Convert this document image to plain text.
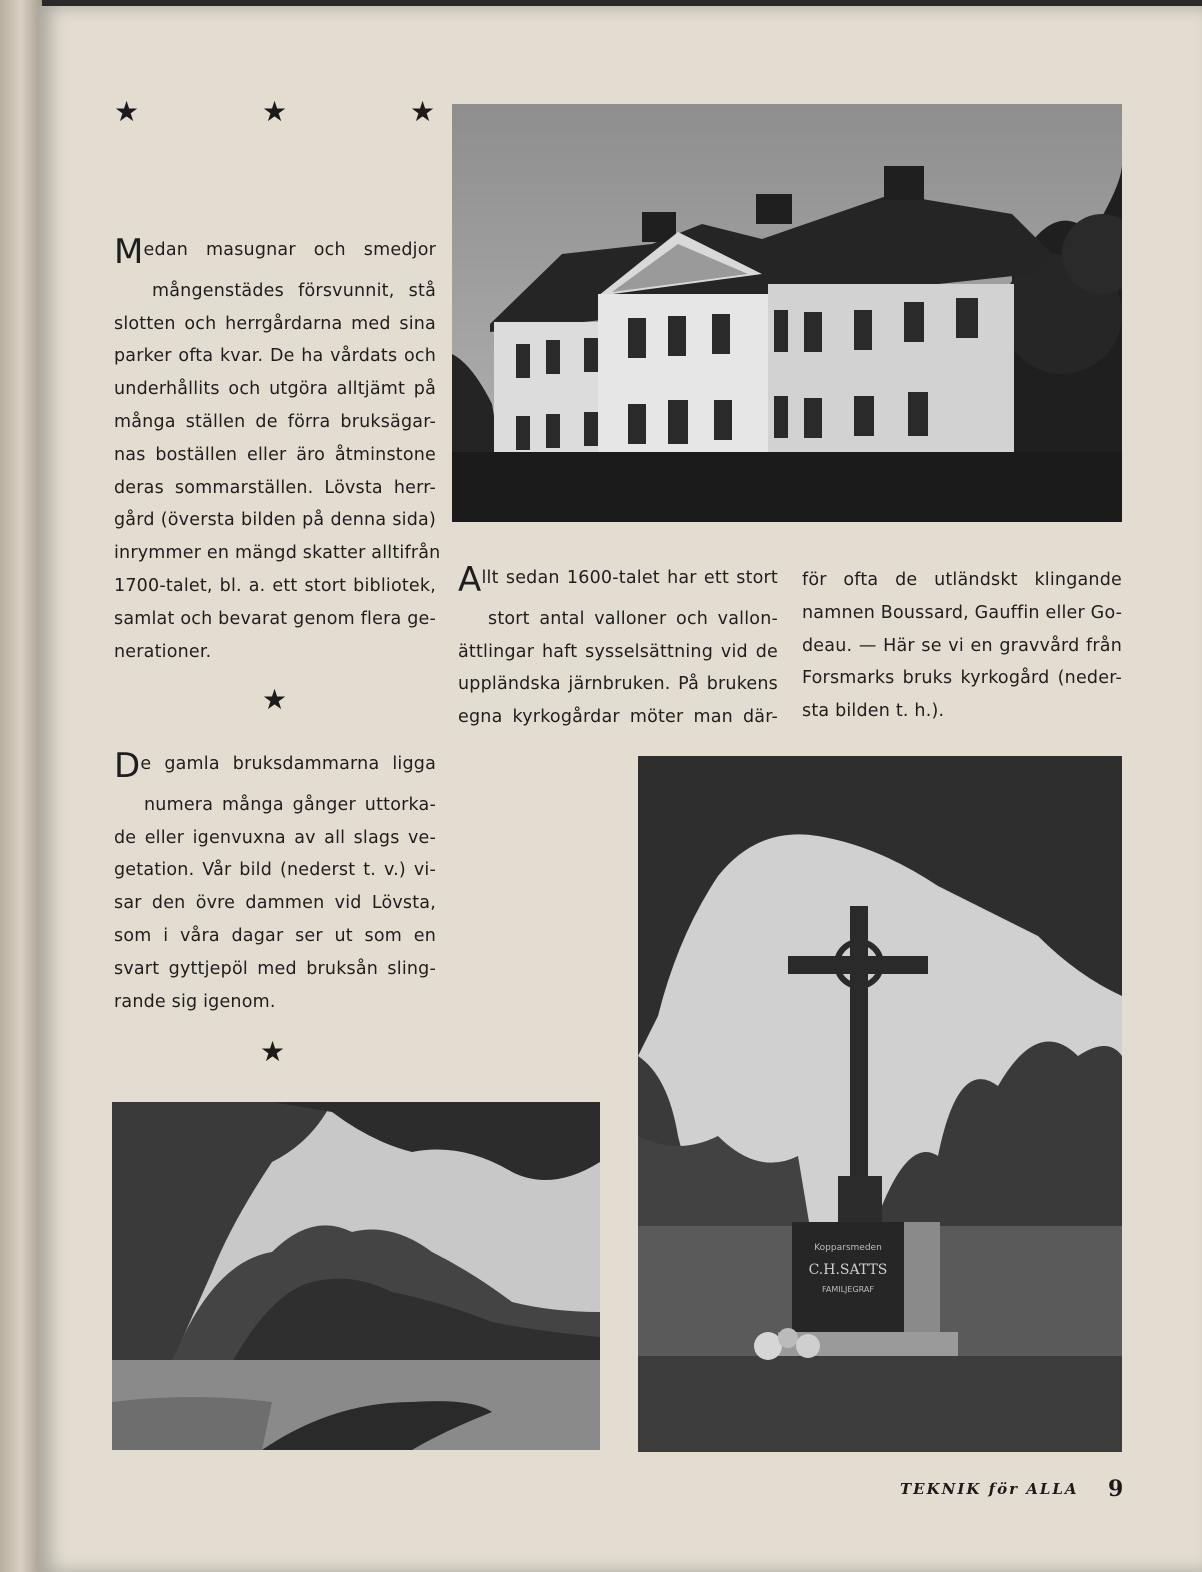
★	★	★
Medan masugnar och smedjor
mångenstädes försvunnit, stå
slotten och herrgårdarna med sina
parker ofta kvar. De ha vårdats och
underhållits och utgöra alltjämt på
många ställen de förra bruksägar-
nas boställen eller äro åtminstone
deras sommarställen. Lövsta herr-
gård (översta bilden på denna sida)
inrymmer en mängd skatter alltifrån
1700-talet, bl. a. ett stort bibliotek,
samlat och bevarat genom flera ge-
nerationer.
★
De gamla bruksdammarna ligga
numera många gånger uttorka-
de eller igenvuxna av all slags ve-
getation. Vår bild (nederst t. v.) vi-
sar den övre dammen vid Lövsta,
som i våra dagar ser ut som en
svart gyttjepöl med bruksån sling-
rande sig igenom.
★
Allt sedan 1600-talet har ett stort
stort antal valloner och vallon-
ättlingar haft sysselsättning vid de
uppländska järnbruken. På brukens
egna kyrkogårdar möter man där-
för ofta de utländskt klingande
namnen Boussard, Gauffin eller Go-
deau. — Här se vi en gravvård från
Forsmarks bruks kyrkogård (neder-
sta bilden t. h.).
Kopparsmeden
C.H.SATTS
FAMILJEGRAF
TEKNIK för ALLA 9
